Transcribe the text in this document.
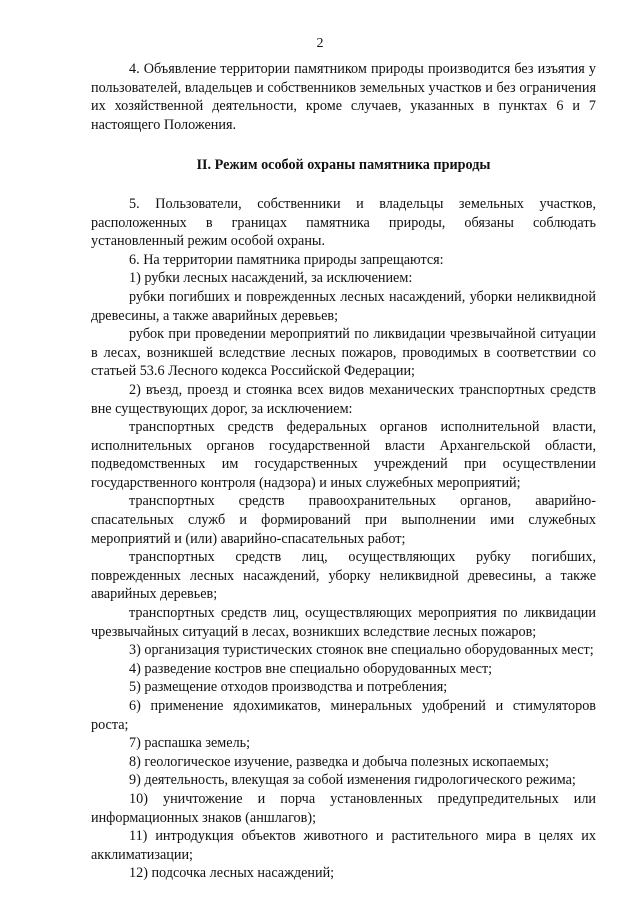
2

4. Объявление территории памятником природы производится без изъятия у пользователей, владельцев и собственников земельных участков и без ограничения их хозяйственной деятельности, кроме случаев, указанных в пунктах 6 и 7 настоящего Положения.

II. Режим особой охраны памятника природы

5. Пользователи, собственники и владельцы земельных участков, расположенных в границах памятника природы, обязаны соблюдать установленный режим особой охраны.

6. На территории памятника природы запрещаются:

1) рубки лесных насаждений, за исключением:

рубки погибших и поврежденных лесных насаждений, уборки неликвидной древесины, а также аварийных деревьев;

рубок при проведении мероприятий по ликвидации чрезвычайной ситуации в лесах, возникшей вследствие лесных пожаров, проводимых в соответствии со статьей 53.6 Лесного кодекса Российской Федерации;

2) въезд, проезд и стоянка всех видов механических транспортных средств вне существующих дорог, за исключением:

транспортных средств федеральных органов исполнительной власти, исполнительных органов государственной власти Архангельской области, подведомственных им государственных учреждений при осуществлении государственного контроля (надзора) и иных служебных мероприятий;

транспортных средств правоохранительных органов, аварийно-спасательных служб и формирований при выполнении ими служебных мероприятий и (или) аварийно-спасательных работ;

транспортных средств лиц, осуществляющих рубку погибших, поврежденных лесных насаждений, уборку неликвидной древесины, а также аварийных деревьев;

транспортных средств лиц, осуществляющих мероприятия по ликвидации чрезвычайных ситуаций в лесах, возникших вследствие лесных пожаров;

3) организация туристических стоянок вне специально оборудованных мест;

4) разведение костров вне специально оборудованных мест;

5) размещение отходов производства и потребления;

6) применение ядохимикатов, минеральных удобрений и стимуляторов роста;

7) распашка земель;

8) геологическое изучение, разведка и добыча полезных ископаемых;

9) деятельность, влекущая за собой изменения гидрологического режима;

10) уничтожение и порча установленных предупредительных или информационных знаков (аншлагов);

11) интродукция объектов животного и растительного мира в целях их акклиматизации;

12) подсочка лесных насаждений;
